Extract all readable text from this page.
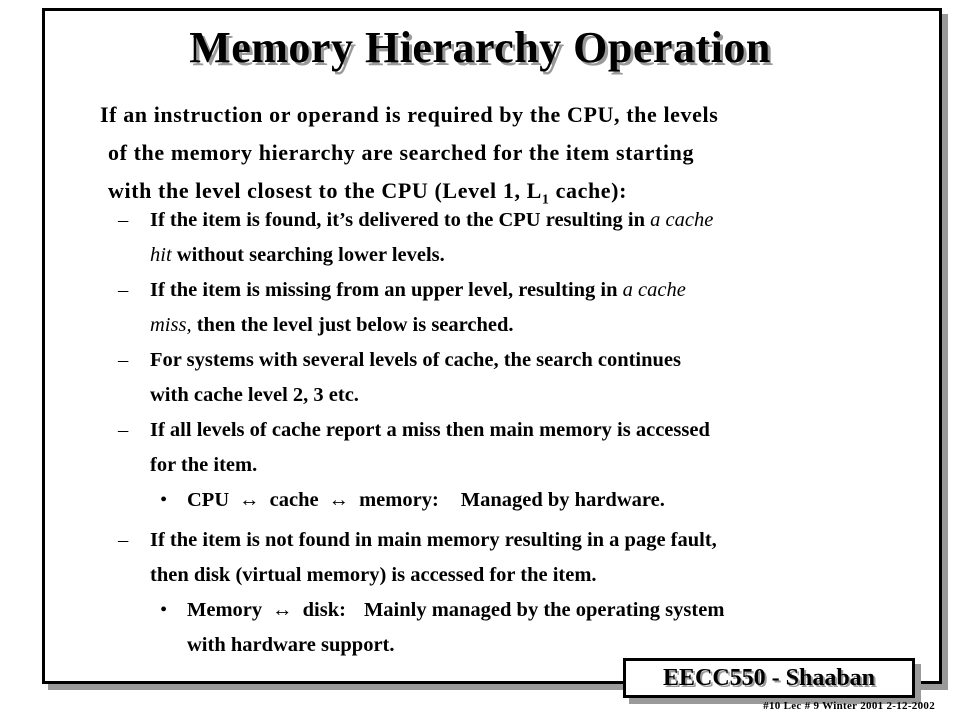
Memory Hierarchy Operation
If an instruction or operand is required by the CPU, the levels
of the memory hierarchy are searched for the item starting
with the level closest to the CPU (Level 1, $L_1$ cache):
–	If the item is found, it’s delivered to the CPU resulting in a cache
hit without searching lower levels.
–	If the item is missing from an upper level, resulting in a cache
miss, then the level just below is searched.
–	For systems with several levels of cache, the search continues
with cache level 2, 3 etc.
–	If all levels of cache report a miss then main memory is accessed
for the item.
• CPU ↔ cache ↔ memory: Managed by hardware.
–	If the item is not found in main memory resulting in a page fault,
then disk (virtual memory) is accessed for the item.
• Memory ↔ disk: Mainly managed by the operating system
with hardware support.
EECC550 - Shaaban
#10 Lec # 9 Winter 2001 2-12-2002
